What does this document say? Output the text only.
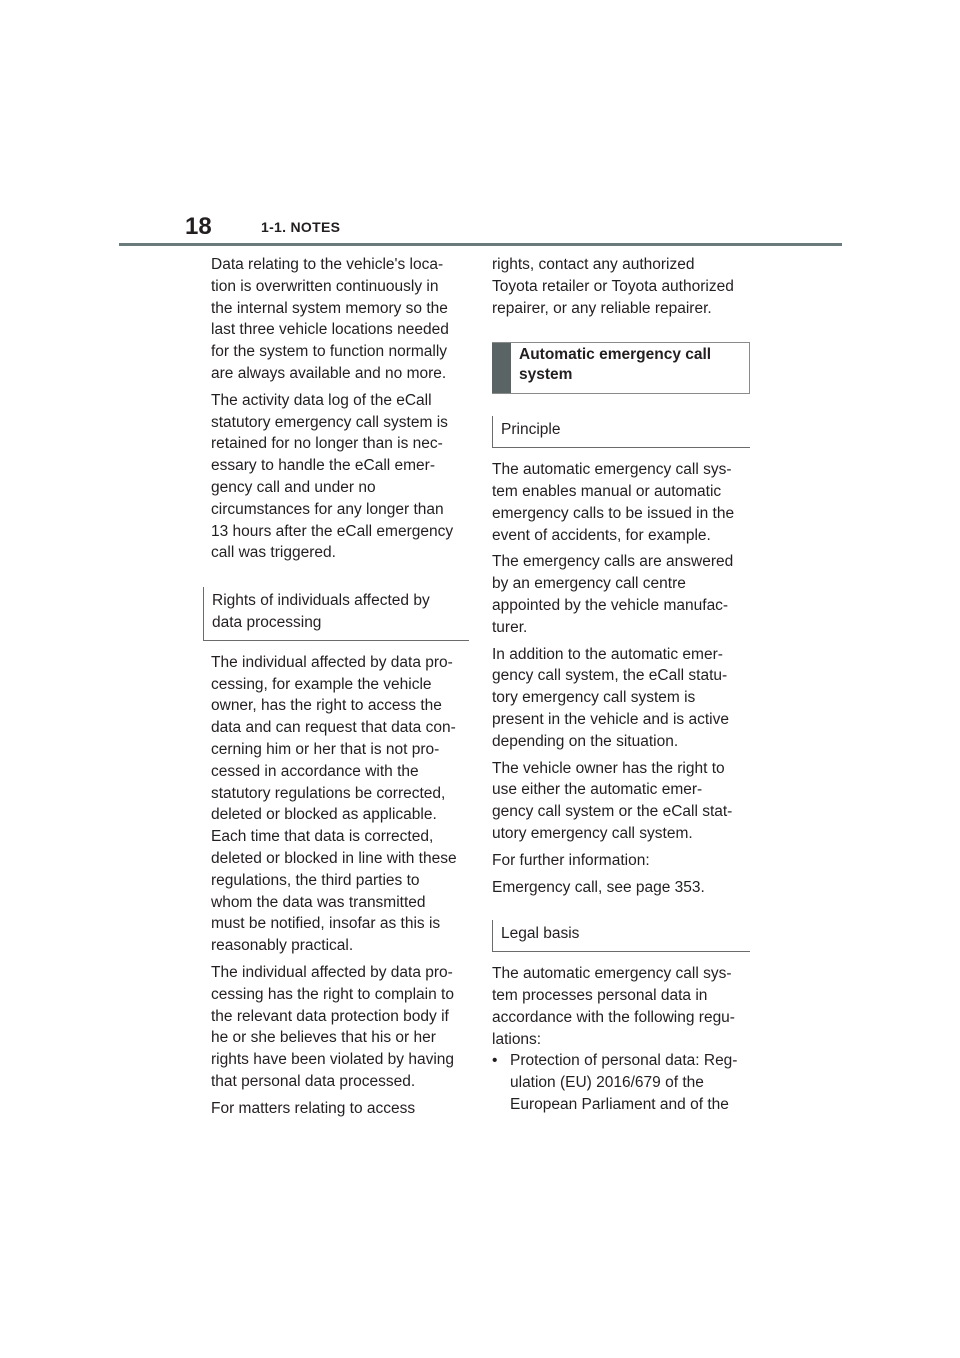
18	1-1. NOTES

Data relating to the vehicle's loca-
tion is overwritten continuously in
the internal system memory so the
last three vehicle locations needed
for the system to function normally
are always available and no more.

The activity data log of the eCall
statutory emergency call system is
retained for no longer than is nec-
essary to handle the eCall emer-
gency call and under no
circumstances for any longer than
13 hours after the eCall emergency
call was triggered.

Rights of individuals affected by
data processing

The individual affected by data pro-
cessing, for example the vehicle
owner, has the right to access the
data and can request that data con-
cerning him or her that is not pro-
cessed in accordance with the
statutory regulations be corrected,
deleted or blocked as applicable.
Each time that data is corrected,
deleted or blocked in line with these
regulations, the third parties to
whom the data was transmitted
must be notified, insofar as this is
reasonably practical.

The individual affected by data pro-
cessing has the right to complain to
the relevant data protection body if
he or she believes that his or her
rights have been violated by having
that personal data processed.

For matters relating to access

rights, contact any authorized
Toyota retailer or Toyota authorized
repairer, or any reliable repairer.

Automatic emergency call
system
Principle

The automatic emergency call sys-
tem enables manual or automatic
emergency calls to be issued in the
event of accidents, for example.

The emergency calls are answered
by an emergency call centre
appointed by the vehicle manufac-
turer.

In addition to the automatic emer-
gency call system, the eCall statu-
tory emergency call system is
present in the vehicle and is active
depending on the situation.

The vehicle owner has the right to
use either the automatic emer-
gency call system or the eCall stat-
utory emergency call system.

For further information:

Emergency call, see page 353.

Legal basis

The automatic emergency call sys-
tem processes personal data in
accordance with the following regu-
lations:

• Protection of personal data: Reg-
ulation (EU) 2016/679 of the
European Parliament and of the
